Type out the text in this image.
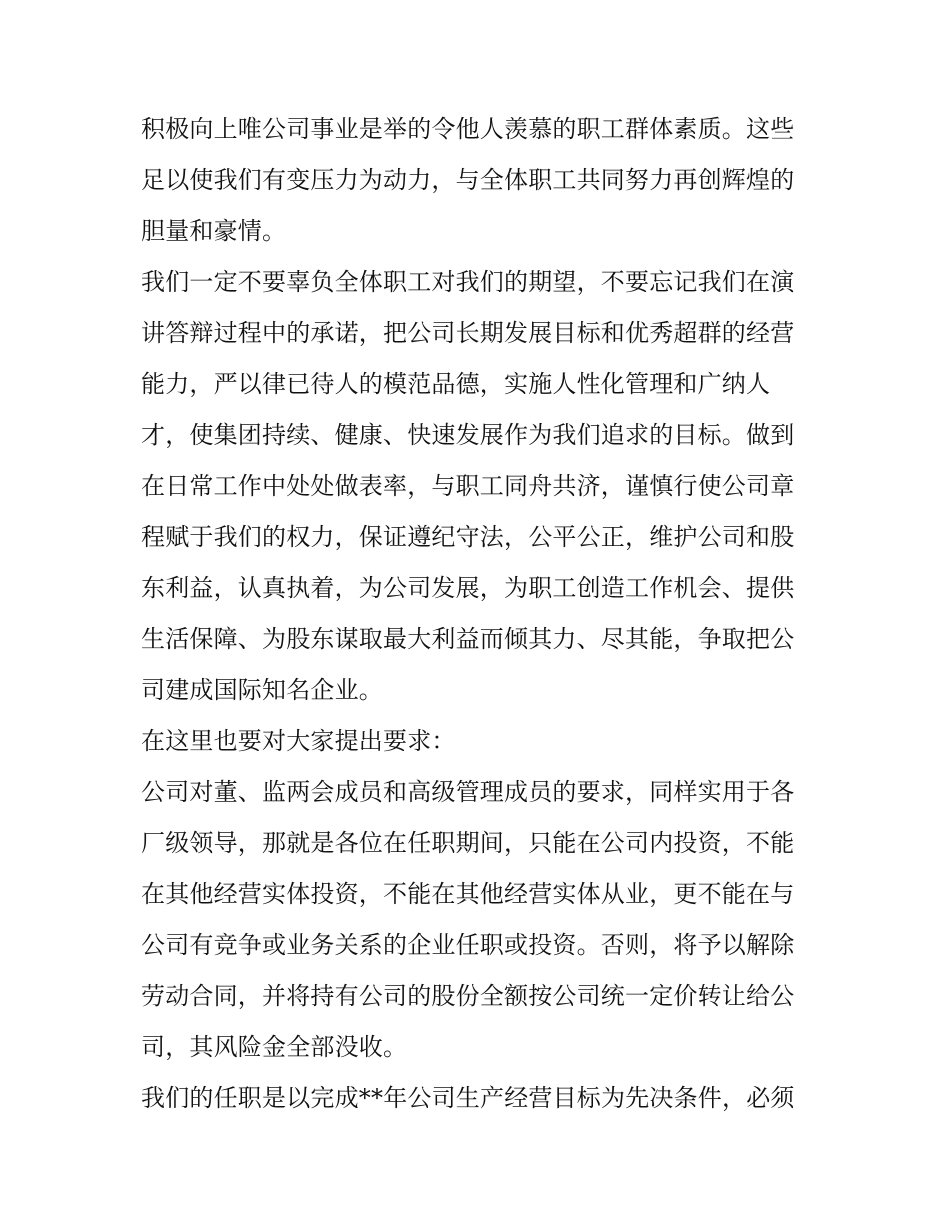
积极向上唯公司事业是举的令他人羡慕的职工群体素质。这些
足以使我们有变压力为动力，与全体职工共同努力再创辉煌的
胆量和豪情。
我们一定不要辜负全体职工对我们的期望，不要忘记我们在演
讲答辩过程中的承诺，把公司长期发展目标和优秀超群的经营
能力，严以律已待人的模范品德，实施人性化管理和广纳人
才，使集团持续、健康、快速发展作为我们追求的目标。做到
在日常工作中处处做表率，与职工同舟共济，谨慎行使公司章
程赋于我们的权力，保证遵纪守法，公平公正，维护公司和股
东利益，认真执着，为公司发展，为职工创造工作机会、提供
生活保障、为股东谋取最大利益而倾其力、尽其能，争取把公
司建成国际知名企业。
在这里也要对大家提出要求：
公司对董、监两会成员和高级管理成员的要求，同样实用于各
厂级领导，那就是各位在任职期间，只能在公司内投资，不能
在其他经营实体投资，不能在其他经营实体从业，更不能在与
公司有竞争或业务关系的企业任职或投资。否则，将予以解除
劳动合同，并将持有公司的股份全额按公司统一定价转让给公
司，其风险金全部没收。
我们的任职是以完成**年公司生产经营目标为先决条件，必须
